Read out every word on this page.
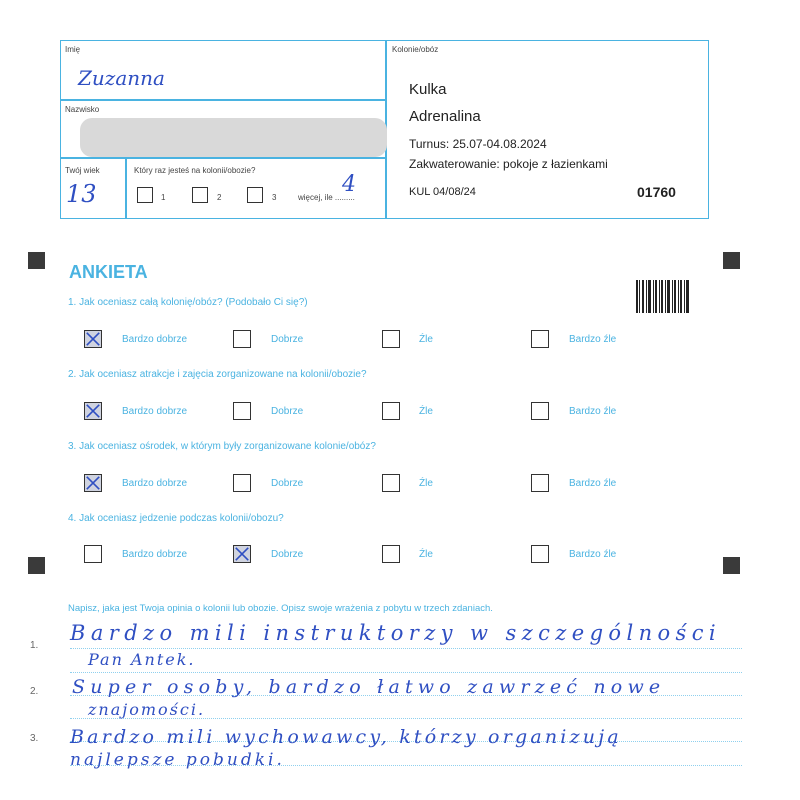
Imię
Zuzanna
Nazwisko
Twój wiek
13
Który raz jesteś na kolonii/obozie?
1	2	3	więcej, ile .........
4
Kolonie/obóz
Kulka
Adrenalina
Turnus: 25.07-04.08.2024
Zakwaterowanie: pokoje z łazienkami
KUL 04/08/24	01760
ANKIETA
1. Jak oceniasz całą kolonię/obóz? (Podobało Ci się?)
Bardzo dobrze	Dobrze	Źle	Bardzo źle
2. Jak oceniasz atrakcje i zajęcia zorganizowane na kolonii/obozie?
Bardzo dobrze	Dobrze	Źle	Bardzo źle
3. Jak oceniasz ośrodek, w którym były zorganizowane kolonie/obóz?
Bardzo dobrze	Dobrze	Źle	Bardzo źle
4. Jak oceniasz jedzenie podczas kolonii/obozu?
Bardzo dobrze	Dobrze	Źle	Bardzo źle
Napisz, jaka jest Twoja opinia o kolonii lub obozie. Opisz swoje wrażenia z pobytu w trzech zdaniach.
1.
2.
3.
Bardzo mili instruktorzy w szczególności
Pan Antek.
Super osoby, bardzo łatwo zawrzeć nowe
znajomości.
Bardzo mili wychowawcy, którzy organizują
najlepsze pobudki.
